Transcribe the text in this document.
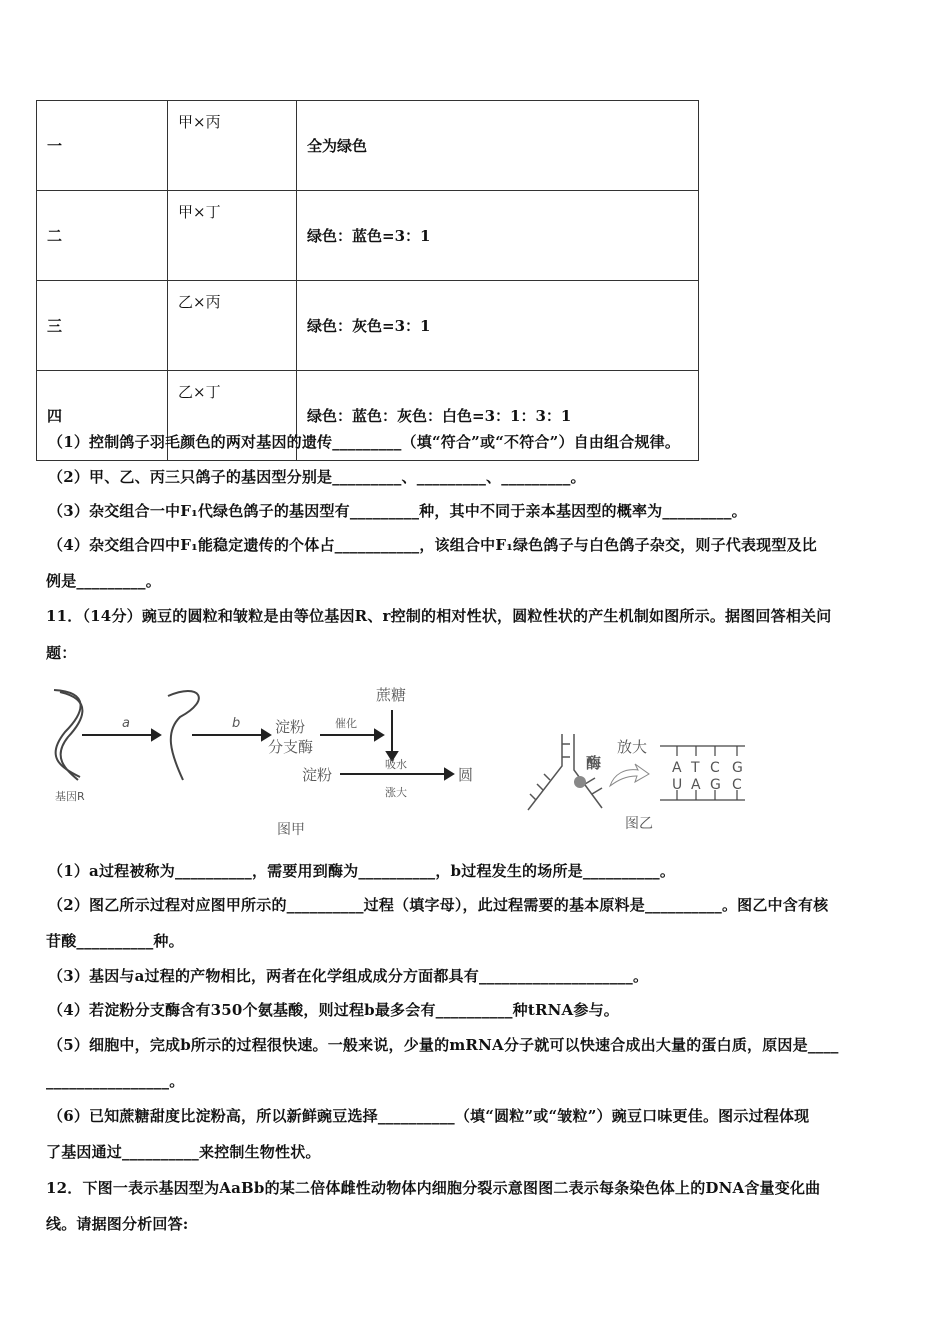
一	甲×丙	全为绿色
二	甲×丁	绿色：蓝色=3：1
三	乙×丙	绿色：灰色=3：1
四	乙×丁	绿色：蓝色：灰色：白色=3：1：3：1
（1）控制鸽子羽毛颜色的两对基因的遗传_________（填“符合”或“不符合”）自由组合规律。
（2）甲、乙、丙三只鸽子的基因型分别是_________、_________、_________。
（3）杂交组合一中F₁代绿色鸽子的基因型有_________种，其中不同于亲本基因型的概率为_________。
（4）杂交组合四中F₁能稳定遗传的个体占___________，该组合中F₁绿色鸽子与白色鸽子杂交，则子代表现型及比
例是_________。
11．（14分）豌豆的圆粒和皱粒是由等位基因R、r控制的相对性状，圆粒性状的产生机制如图所示。据图回答相关问
题：
基因R
a	b 淀粉
分支酶
催化
蔗糖
淀粉
吸水
涨大
圆
图甲
酶
放大
A T C G
U A G C
图乙
（1）a过程被称为__________，需要用到酶为__________，b过程发生的场所是__________。
（2）图乙所示过程对应图甲所示的__________过程（填字母），此过程需要的基本原料是__________。图乙中含有核
苷酸__________种。
（3）基因与a过程的产物相比，两者在化学组成成分方面都具有____________________。
（4）若淀粉分支酶含有350个氨基酸，则过程b最多会有__________种tRNA参与。
（5）细胞中，完成b所示的过程很快速。一般来说，少量的mRNA分子就可以快速合成出大量的蛋白质，原因是____
________________。
（6）已知蔗糖甜度比淀粉高，所以新鲜豌豆选择__________（填“圆粒”或“皱粒”）豌豆口味更佳。图示过程体现
了基因通过__________来控制生物性状。
12．下图一表示基因型为AaBb的某二倍体雌性动物体内细胞分裂示意图图二表示每条染色体上的DNA含量变化曲
线。请据图分析回答:
